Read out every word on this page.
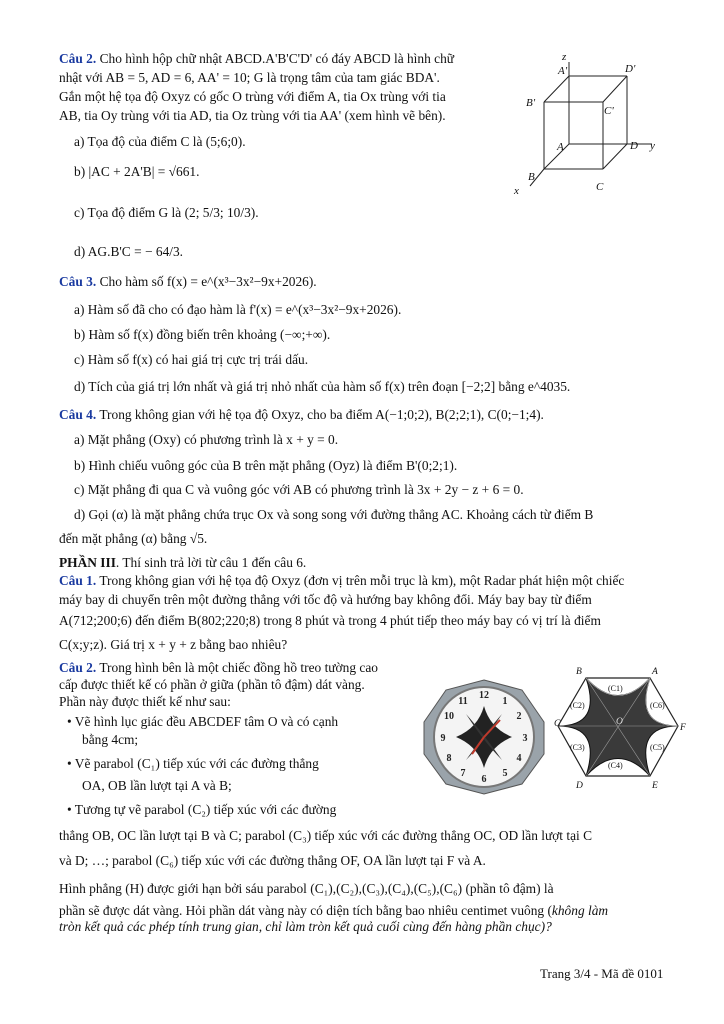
Câu 2. Cho hình hộp chữ nhật ABCD.A'B'C'D' có đáy ABCD là hình chữ
nhật với AB = 5, AD = 6, AA' = 10; G là trọng tâm của tam giác BDA'.
Gắn một hệ tọa độ Oxyz có gốc O trùng với điểm A, tia Ox trùng với tia
AB, tia Oy trùng với tia AD, tia Oz trùng với tia AA' (xem hình vẽ bên).
a) Tọa độ của điểm C là (5;6;0).
b) |AC + 2A'B| = √661.
c) Tọa độ điểm G là (2; 5/3; 10/3).
d) AG.B'C = − 64/3.
z
A'	D'
B'
C'
A	D y
B
C
x
Câu 3. Cho hàm số f(x) = e^(x³−3x²−9x+2026).
a) Hàm số đã cho có đạo hàm là f'(x) = e^(x³−3x²−9x+2026).
b) Hàm số f(x) đồng biến trên khoảng (−∞;+∞).
c) Hàm số f(x) có hai giá trị cực trị trái dấu.
d) Tích của giá trị lớn nhất và giá trị nhỏ nhất của hàm số f(x) trên đoạn [−2;2] bằng e^4035.
Câu 4. Trong không gian với hệ tọa độ Oxyz, cho ba điểm A(−1;0;2), B(2;2;1), C(0;−1;4).
a) Mặt phẳng (Oxy) có phương trình là x + y = 0.
b) Hình chiếu vuông góc của B trên mặt phẳng (Oyz) là điểm B'(0;2;1).
c) Mặt phẳng đi qua C và vuông góc với AB có phương trình là 3x + 2y − z + 6 = 0.
d) Gọi (α) là mặt phẳng chứa trục Ox và song song với đường thẳng AC. Khoảng cách từ điểm B
đến mặt phẳng (α) bằng √5.
PHẦN III. Thí sinh trả lời từ câu 1 đến câu 6.
Câu 1. Trong không gian với hệ tọa độ Oxyz (đơn vị trên mỗi trục là km), một Radar phát hiện một chiếc
máy bay di chuyển trên một đường thẳng với tốc độ và hướng bay không đổi. Máy bay bay từ điểm
A(712;200;6) đến điểm B(802;220;8) trong 8 phút và trong 4 phút tiếp theo máy bay có vị trí là điểm
C(x;y;z). Giá trị x + y + z bằng bao nhiêu?
Câu 2. Trong hình bên là một chiếc đồng hồ treo tường cao
cấp được thiết kế có phần ở giữa (phần tô đậm) dát vàng.
Phần này được thiết kế như sau:
• Vẽ hình lục giác đều ABCDEF tâm O và có cạnh
bằng 4cm;
• Vẽ parabol (C₁) tiếp xúc với các đường thẳng
OA, OB lần lượt tại A và B;
• Tương tự vẽ parabol (C₂) tiếp xúc với các đường
thẳng OB, OC lần lượt tại B và C; parabol (C₃) tiếp xúc với các đường thẳng OC, OD lần lượt tại C
và D; …; parabol (C₆) tiếp xúc với các đường thẳng OF, OA lần lượt tại F và A.
Hình phẳng (H) được giới hạn bởi sáu parabol (C₁),(C₂),(C₃),(C₄),(C₅),(C₆) (phần tô đậm) là
phần sẽ được dát vàng. Hỏi phần dát vàng này có diện tích bằng bao nhiêu centimet vuông (không làm
tròn kết quả các phép tính trung gian, chỉ làm tròn kết quả cuối cùng đến hàng phần chục)?
12
1
2
3
4
5
6
7
8
9
10
11
A
B
C
D	E
F
O
(C1)
(C2)
(C3)
(C4)
(C5)
(C6)
Trang 3/4 - Mã đề 0101
